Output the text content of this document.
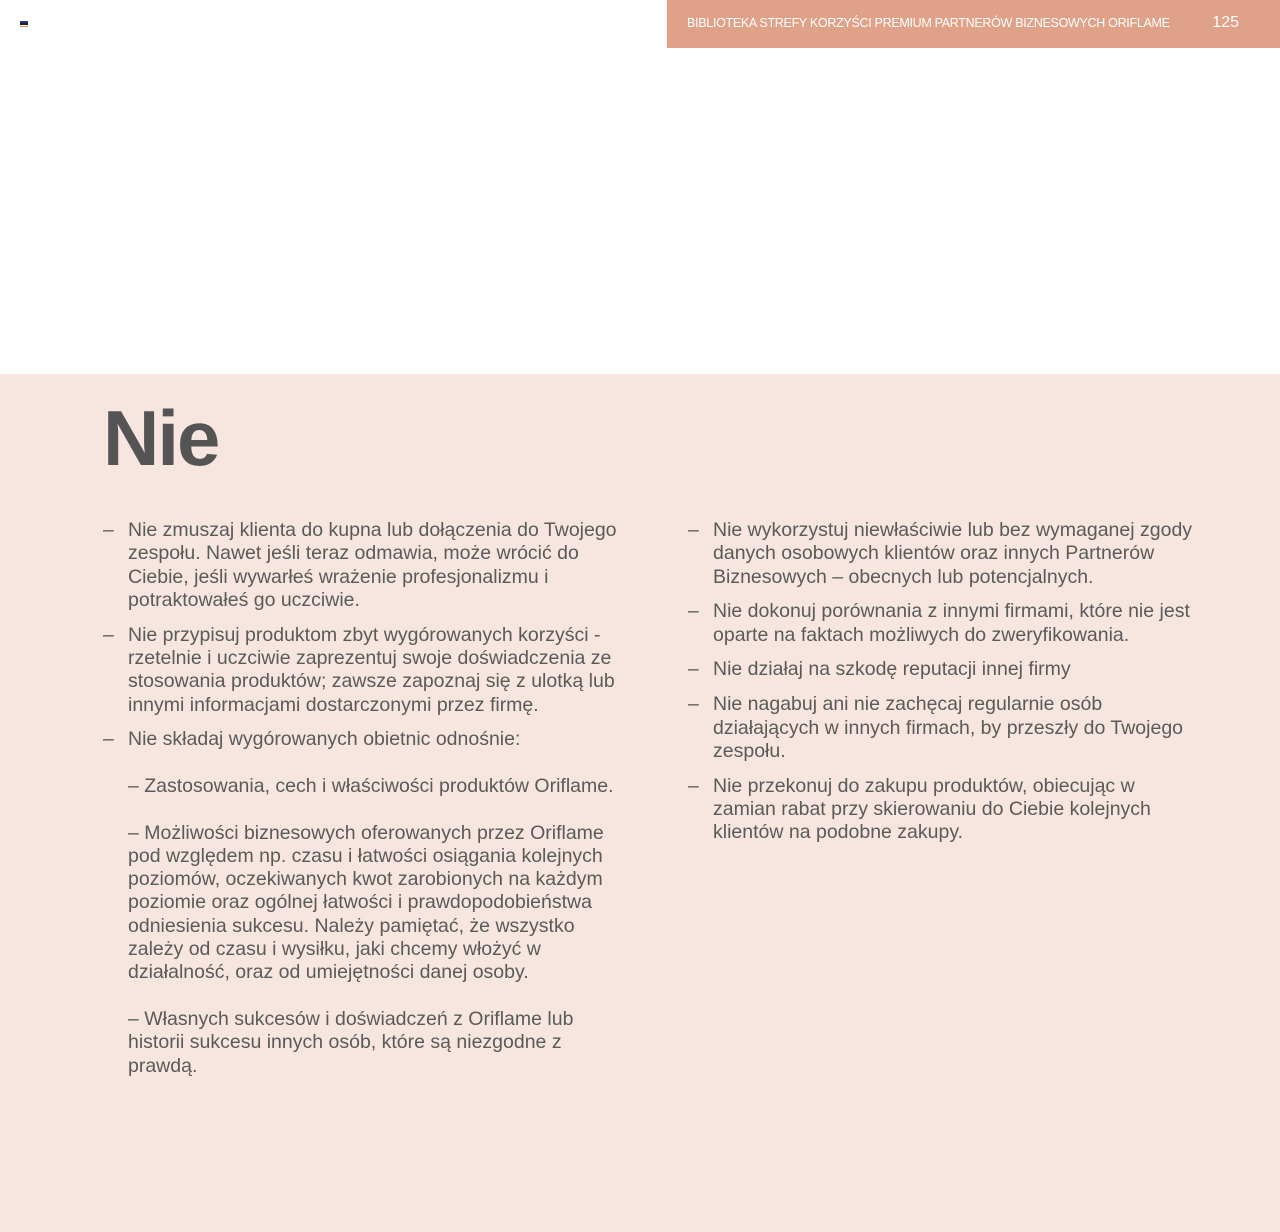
BIBLIOTEKA STREFY KORZYŚCI PREMIUM PARTNERÓW BIZNESOWYCH ORIFLAME	125
Nie
– Nie zmuszaj klienta do kupna lub dołączenia do Twojego zespołu. Nawet jeśli teraz odmawia, może wrócić do Ciebie, jeśli wywarłeś wrażenie profesjonalizmu i potraktowałeś go uczciwie.
– Nie przypisuj produktom zbyt wygórowanych korzyści - rzetelnie i uczciwie zaprezentuj swoje doświadczenia ze stosowania produktów; zawsze zapoznaj się z ulotką lub innymi informacjami dostarczonymi przez firmę.
– Nie składaj wygórowanych obietnic odnośnie:
– Zastosowania, cech i właściwości produktów Oriflame.
– Możliwości biznesowych oferowanych przez Oriflame pod względem np. czasu i łatwości osiągania kolejnych poziomów, oczekiwanych kwot zarobionych na każdym poziomie oraz ogólnej łatwości i prawdopodobieństwa odniesienia sukcesu. Należy pamiętać, że wszystko zależy od czasu i wysiłku, jaki chcemy włożyć w działalność, oraz od umiejętności danej osoby.
– Własnych sukcesów i doświadczeń z Oriflame lub historii sukcesu innych osób, które są niezgodne z prawdą.
– Nie wykorzystuj niewłaściwie lub bez wymaganej zgody danych osobowych klientów oraz innych Partnerów Biznesowych – obecnych lub potencjalnych.
– Nie dokonuj porównania z innymi firmami, które nie jest oparte na faktach możliwych do zweryfikowania.
– Nie działaj na szkodę reputacji innej firmy
– Nie nagabuj ani nie zachęcaj regularnie osób działających w innych firmach, by przeszły do Twojego zespołu.
– Nie przekonuj do zakupu produktów, obiecując w zamian rabat przy skierowaniu do Ciebie kolejnych klientów na podobne zakupy.
